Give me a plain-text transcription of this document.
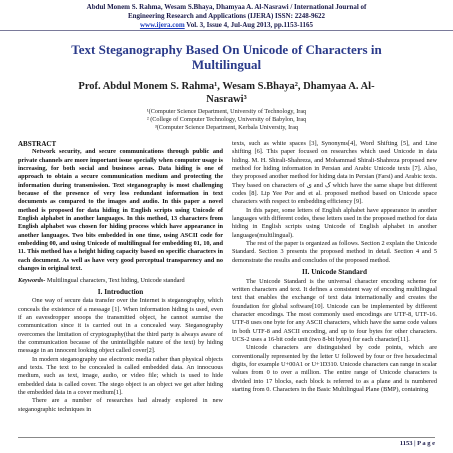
Abdul Monem S. Rahma, Wesam S.Bhaya, Dhamyaa A. Al-Nasrawi / International Journal of
Engineering Research and Applications (IJERA) ISSN: 2248-9622
www.ijera.com Vol. 3, Issue 4, Jul-Aug 2013, pp.1153-1165
Text Steganography Based On Unicode of Characters in
Multilingual
Prof. Abdul Monem S. Rahma¹, Wesam S.Bhaya², Dhamyaa A. Al-
Nasrawi³
¹(Computer Science Department, University of Technology, Iraq
² (College of Computer Technology, University of Babylon, Iraq
³(Computer Science Department, Kerbala University, Iraq
ABSTRACT

Network security, and secure communications through public and private channels are more important issue specially when computer usage is increasing, for both social and business areas. Data hiding is one of approach to obtain a secure communication medium and protecting the information during transmission. Text steganography is most challenging because of the presence of very less redundant information in text documents as compared to the images and audio. In this paper a novel method is proposed for data hiding in English scripts using Unicode of English alphabet in another languages. In this method, 13 characters from English alphabet was chosen for hiding process which have appearance in another languages. Two bits embedded in one time, using ASCII code for embedding 00, and using Unicode of multilingual for embedding 01, 10, and 11. This method has a height hiding capacity based on specific characters in each document. As well as have very good perceptual transparency and no changes in original text.

Keywords- Multilingual characters, Text hiding, Unicode standard

I. Introduction

One way of secure data transfer over the Internet is steganography, which conceals the existence of a message [1]. When information hiding is used, even if an eavesdropper snoops the transmitted object, he cannot surmise the communication since it is carried out in a concealed way. Steganography overcomes the limitation of cryptography(that the third party is always aware of the communication because of the unintelligible nature of the text) by hiding message in an innocent looking object called cover[2].

In modern steganography use electronic media rather than physical objects and texts. The text to be concealed is called embedded data. An innocuous medium, such as text, image, audio, or video file; which is used to hide embedded data is called cover. The stego object is an object we get after hiding the embedded data in a cover medium[1].

There are a number of researches had already explored in new steganographic techniques in

texts, such as white spaces [3], Synonyms[4], Word Shifting [5], and Line shifting [6]. This paper focused on researches which used Unicode in data hiding. M. H. Shirali-Shahreza, and Mohammad Shirali-Shahreza proposed new method for hiding information in Persian and Arabic Unicode texts [7]. Also, they proposed another method for hiding data in Persian (Farsi) and Arabic texts. They based on characters of ی and ک which have the same shape but different codes [8]. Lip Yee Por and et al. proposed method based on Unicode space characters with respect to embedding efficiency [9].

In this paper, some letters of English alphabet have appearance in another languages with different codes, these letters used in the proposed method for data hiding in English scripts using Unicode of English alphabet in another languages(multilingual).

The rest of the paper is organized as follows. Section 2 explain the Unicode Standard. Section 3 presents the proposed method in detail. Section 4 and 5 demonstrate the results and concludes of the proposed method.

II. Unicode Standard

The Unicode Standard is the universal character encoding scheme for written characters and text. It defines a consistent way of encoding multilingual text that enables the exchange of text data internationally and creates the foundation for global software[10]. Unicode can be implemented by different character encodings. The most commonly used encodings are UTF-8, UTF-16. UTF-8 uses one byte for any ASCII characters, which have the same code values in both UTF-8 and ASCII encoding, and up to four bytes for other characters. UCS-2 uses a 16-bit code unit (two 8-bit bytes) for each character[11].

Unicode characters are distinguished by code points, which are conventionally represented by the letter U followed by four or five hexadecimal digits, for example U+00A1 or U+1D310. Unicode characters can range in scalar values from 0 to over a million. The entire range of Unicode characters is divided into 17 blocks, each block is referred to as a plane and is numbered starting from 0. Characters in the Basic Multilingual Plane (BMP), containing

1153 | P a g e
